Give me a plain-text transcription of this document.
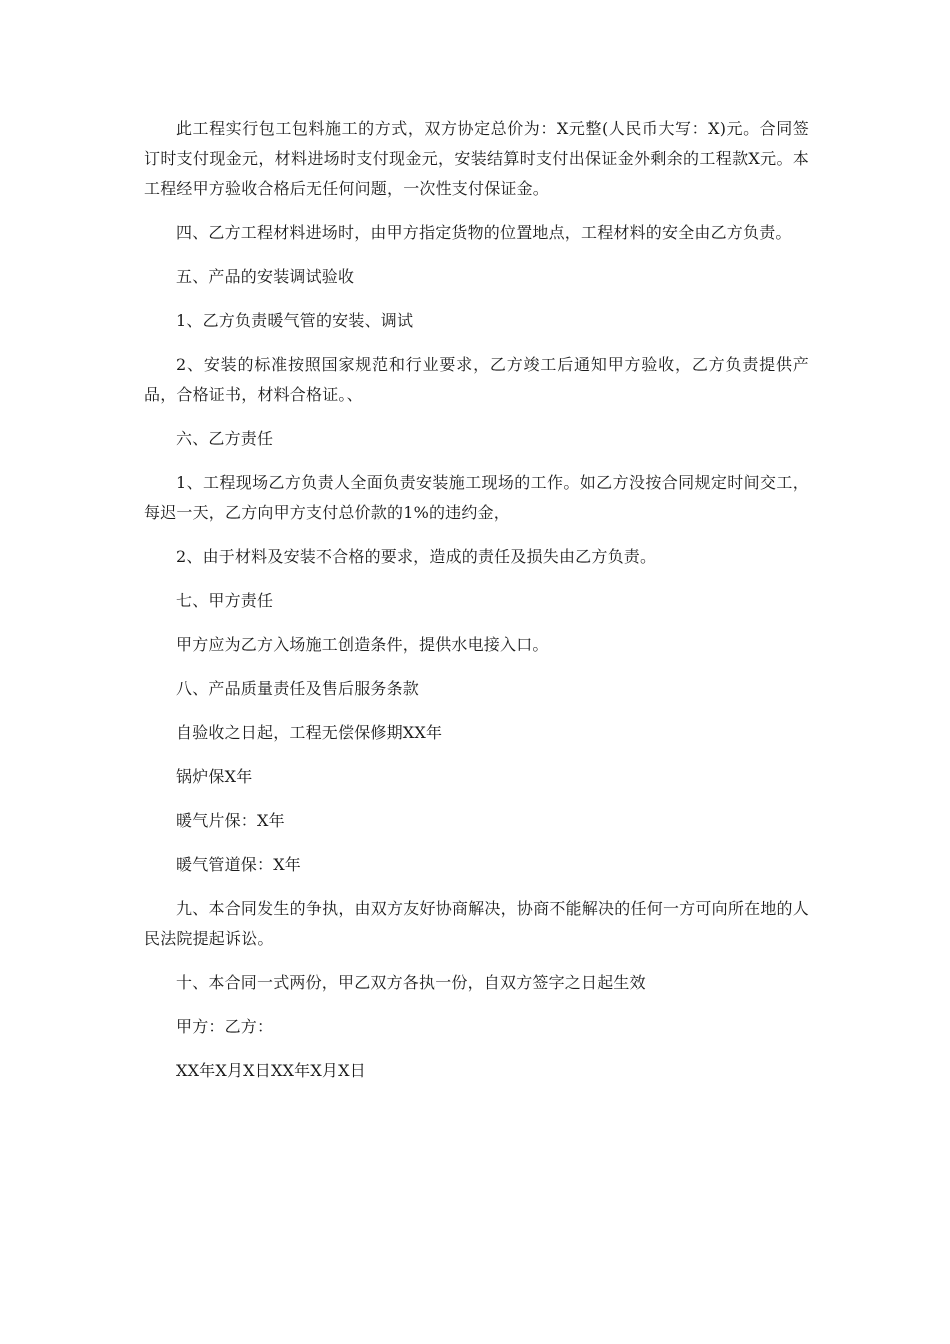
此工程实行包工包料施工的方式，双方协定总价为：X元整(人民币大写：X)元。合同签订时支付现金元，材料进场时支付现金元，安装结算时支付出保证金外剩余的工程款X元。本工程经甲方验收合格后无任何问题，一次性支付保证金。

四、乙方工程材料进场时，由甲方指定货物的位置地点，工程材料的安全由乙方负责。

五、产品的安装调试验收

1、乙方负责暖气管的安装、调试

2、安装的标准按照国家规范和行业要求，乙方竣工后通知甲方验收，乙方负责提供产品，合格证书，材料合格证。、

六、乙方责任

1、工程现场乙方负责人全面负责安装施工现场的工作。如乙方没按合同规定时间交工，每迟一天，乙方向甲方支付总价款的1%的违约金，

2、由于材料及安装不合格的要求，造成的责任及损失由乙方负责。

七、甲方责任

甲方应为乙方入场施工创造条件，提供水电接入口。

八、产品质量责任及售后服务条款

自验收之日起，工程无偿保修期XX年

锅炉保X年

暖气片保：X年

暖气管道保：X年

九、本合同发生的争执，由双方友好协商解决，协商不能解决的任何一方可向所在地的人民法院提起诉讼。

十、本合同一式两份，甲乙双方各执一份，自双方签字之日起生效

甲方：乙方：

XX年X月X日XX年X月X日
